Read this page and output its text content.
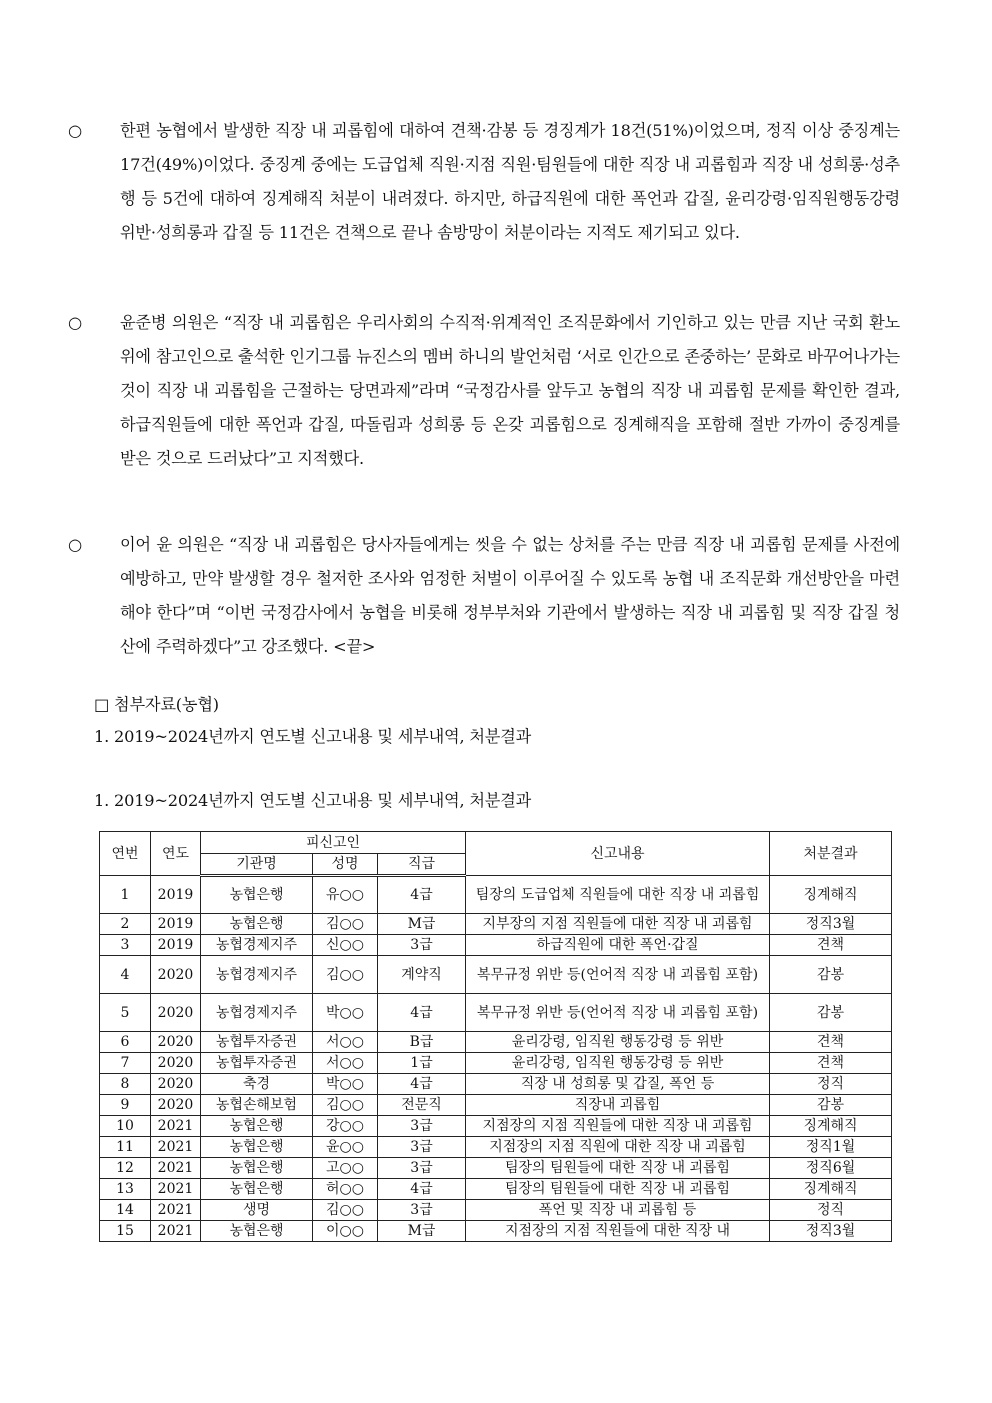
○ 한편 농협에서 발생한 직장 내 괴롭힘에 대하여 견책·감봉 등 경징계가 18건(51%)이었으며, 정직 이상 중징계는 17건(49%)이었다. 중징계 중에는 도급업체 직원·지점 직원·팀원들에 대한 직장 내 괴롭힘과 직장 내 성희롱·성추행 등 5건에 대하여 징계해직 처분이 내려졌다. 하지만, 하급직원에 대한 폭언과 갑질, 윤리강령·임직원행동강령 위반·성희롱과 갑질 등 11건은 견책으로 끝나 솜방망이 처분이라는 지적도 제기되고 있다.
○ 윤준병 의원은 “직장 내 괴롭힘은 우리사회의 수직적·위계적인 조직문화에서 기인하고 있는 만큼 지난 국회 환노위에 참고인으로 출석한 인기그룹 뉴진스의 멤버 하니의 발언처럼 ‘서로 인간으로 존중하는’ 문화로 바꾸어나가는 것이 직장 내 괴롭힘을 근절하는 당면과제”라며 “국정감사를 앞두고 농협의 직장 내 괴롭힘 문제를 확인한 결과, 하급직원들에 대한 폭언과 갑질, 따돌림과 성희롱 등 온갖 괴롭힘으로 징계해직을 포함해 절반 가까이 중징계를 받은 것으로 드러났다”고 지적했다.
○ 이어 윤 의원은 “직장 내 괴롭힘은 당사자들에게는 씻을 수 없는 상처를 주는 만큼 직장 내 괴롭힘 문제를 사전에 예방하고, 만약 발생할 경우 철저한 조사와 엄정한 처벌이 이루어질 수 있도록 농협 내 조직문화 개선방안을 마련해야 한다”며 “이번 국정감사에서 농협을 비롯해 정부부처와 기관에서 발생하는 직장 내 괴롭힘 및 직장 갑질 청산에 주력하겠다”고 강조했다. <끝>
□ 첨부자료(농협)
1. 2019~2024년까지 연도별 신고내용 및 세부내역, 처분결과
1. 2019~2024년까지 연도별 신고내용 및 세부내역, 처분결과
연번	연도	피신고인			신고내용	처분결과
		기관명	성명	직급		
1	2019	농협은행	유○○	4급	팀장의 도급업체 직원들에 대한 직장 내 괴롭힘	징계해직
2	2019	농협은행	김○○	M급	지부장의 지점 직원들에 대한 직장 내 괴롭힘	정직3월
3	2019	농협경제지주	신○○	3급	하급직원에 대한 폭언·갑질	견책
4	2020	농협경제지주	김○○	계약직	복무규정 위반 등(언어적 직장 내 괴롭힘 포함)	감봉
5	2020	농협경제지주	박○○	4급	복무규정 위반 등(언어적 직장 내 괴롭힘 포함)	감봉
6	2020	농협투자증권	서○○	B급	윤리강령, 임직원 행동강령 등 위반	견책
7	2020	농협투자증권	서○○	1급	윤리강령, 임직원 행동강령 등 위반	견책
8	2020	축경	박○○	4급	직장 내 성희롱 및 갑질, 폭언 등	정직
9	2020	농협손해보험	김○○	전문직	직장내 괴롭힘	감봉
10	2021	농협은행	강○○	3급	지점장의 지점 직원들에 대한 직장 내 괴롭힘	징계해직
11	2021	농협은행	윤○○	3급	지점장의 지점 직원에 대한 직장 내 괴롭힘	정직1월
12	2021	농협은행	고○○	3급	팀장의 팀원들에 대한 직장 내 괴롭힘	정직6월
13	2021	농협은행	허○○	4급	팀장의 팀원들에 대한 직장 내 괴롭힘	징계해직
14	2021	생명	김○○	3급	폭언 및 직장 내 괴롭힘 등	정직
15	2021	농협은행	이○○	M급	지점장의 지점 직원들에 대한 직장 내	정직3월
